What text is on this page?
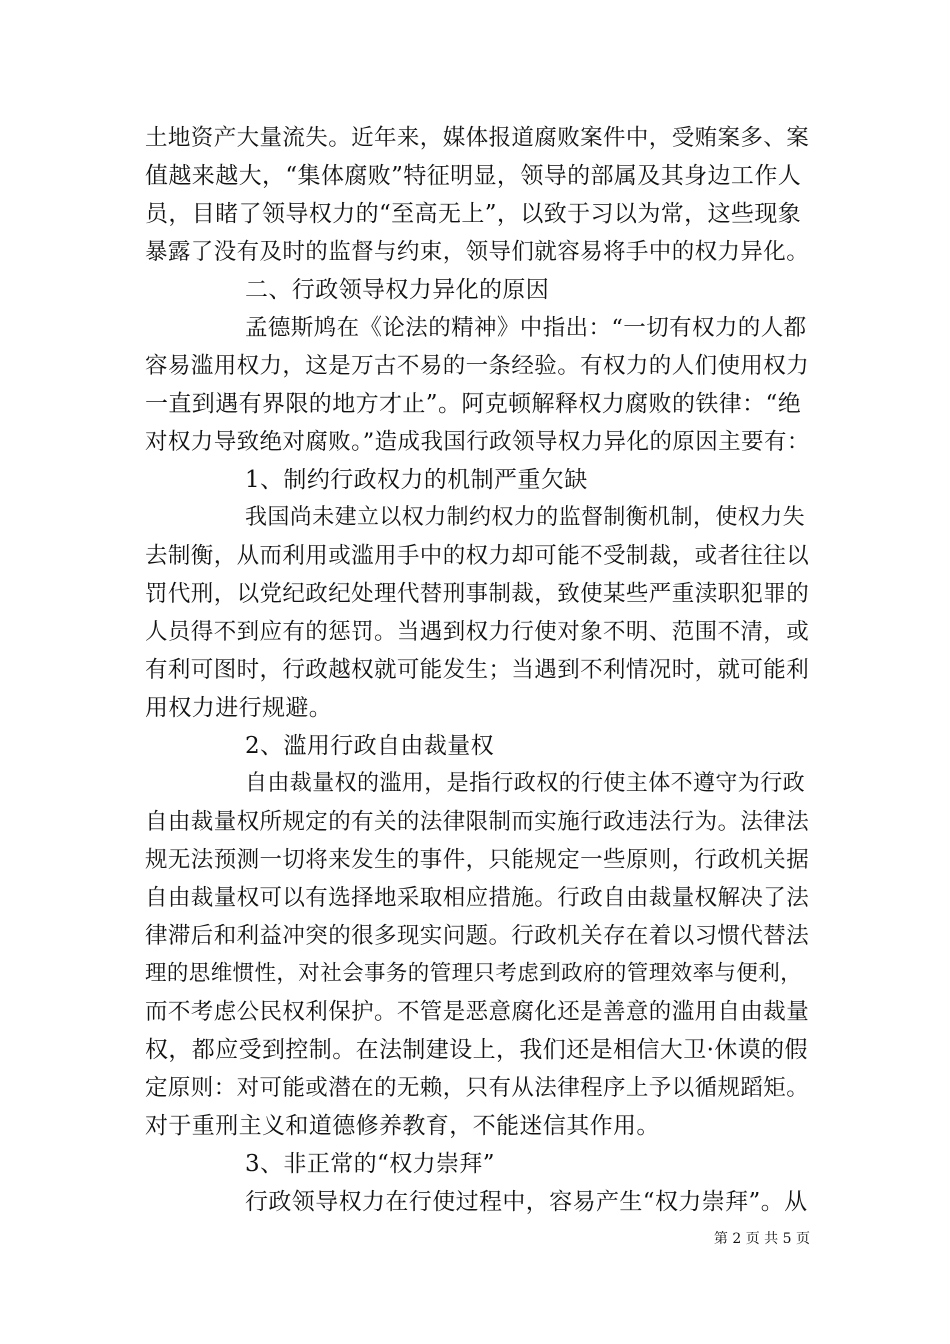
土地资产大量流失。近年来，媒体报道腐败案件中，受贿案多、案
值越来越大，“集体腐败”特征明显，领导的部属及其身边工作人
员，目睹了领导权力的“至高无上”，以致于习以为常，这些现象
暴露了没有及时的监督与约束，领导们就容易将手中的权力异化。
二、行政领导权力异化的原因
孟德斯鸠在《论法的精神》中指出：“一切有权力的人都
容易滥用权力，这是万古不易的一条经验。有权力的人们使用权力
一直到遇有界限的地方才止”。阿克顿解释权力腐败的铁律：“绝
对权力导致绝对腐败。”造成我国行政领导权力异化的原因主要有：
1、制约行政权力的机制严重欠缺
我国尚未建立以权力制约权力的监督制衡机制，使权力失
去制衡，从而利用或滥用手中的权力却可能不受制裁，或者往往以
罚代刑，以党纪政纪处理代替刑事制裁，致使某些严重渎职犯罪的
人员得不到应有的惩罚。当遇到权力行使对象不明、范围不清，或
有利可图时，行政越权就可能发生；当遇到不利情况时，就可能利
用权力进行规避。
2、滥用行政自由裁量权
自由裁量权的滥用，是指行政权的行使主体不遵守为行政
自由裁量权所规定的有关的法律限制而实施行政违法行为。法律法
规无法预测一切将来发生的事件，只能规定一些原则，行政机关据
自由裁量权可以有选择地采取相应措施。行政自由裁量权解决了法
律滞后和利益冲突的很多现实问题。行政机关存在着以习惯代替法
理的思维惯性，对社会事务的管理只考虑到政府的管理效率与便利，
而不考虑公民权利保护。不管是恶意腐化还是善意的滥用自由裁量
权，都应受到控制。在法制建设上，我们还是相信大卫·休谟的假
定原则：对可能或潜在的无赖，只有从法律程序上予以循规蹈矩。
对于重刑主义和道德修养教育，不能迷信其作用。
3、非正常的“权力崇拜”
行政领导权力在行使过程中，容易产生“权力崇拜”。从
第 2 页 共 5 页
